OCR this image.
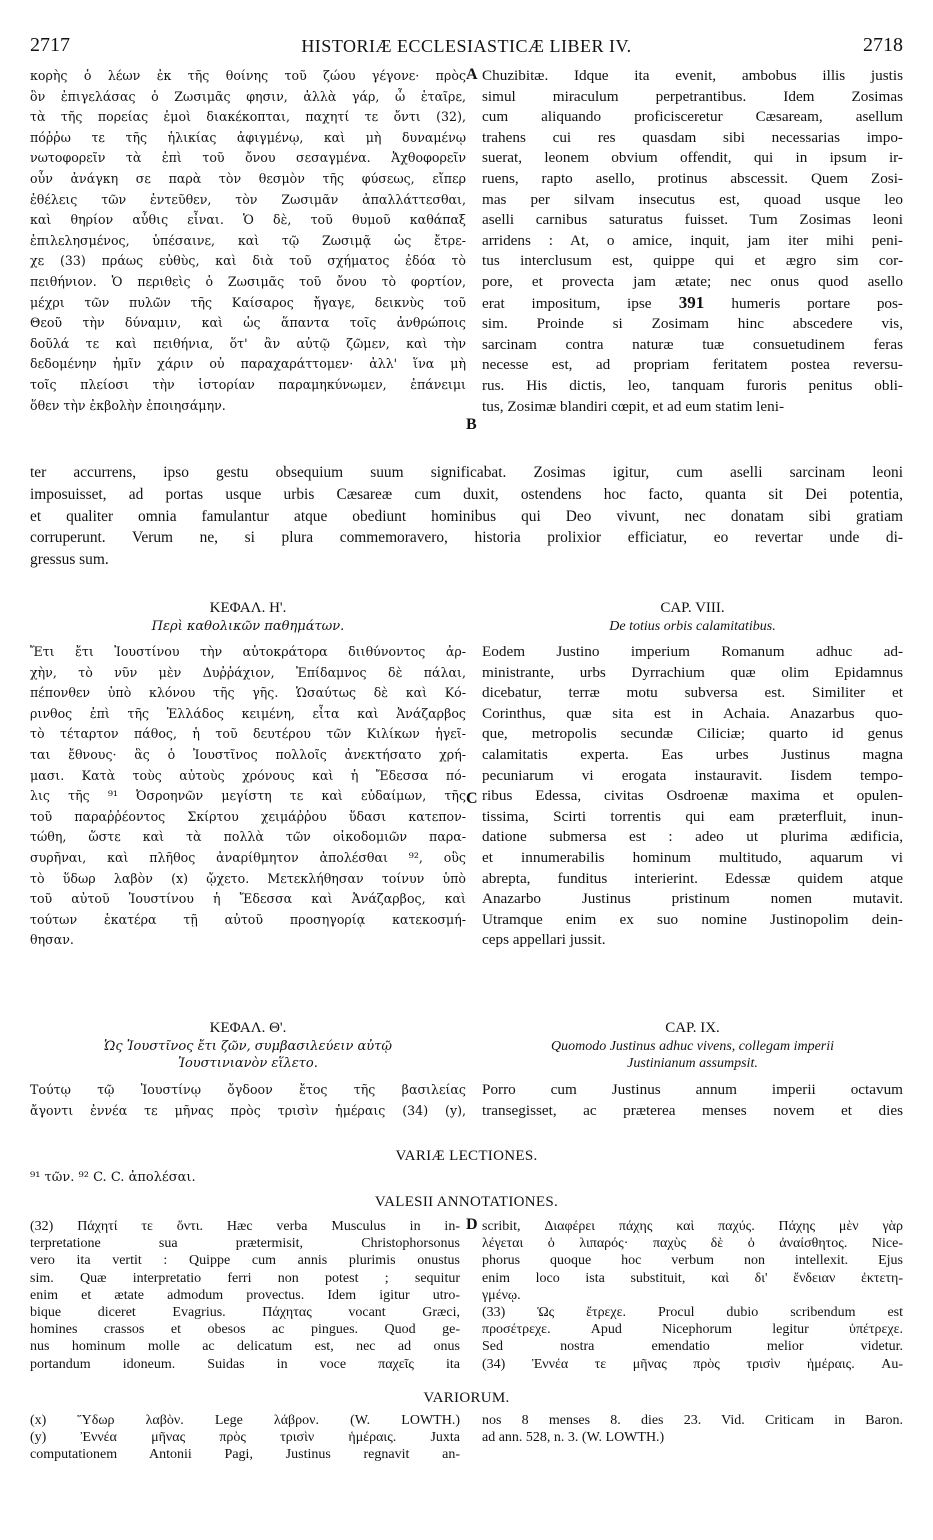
2717	HISTORIÆ ECCLESIASTICÆ LIBER IV.	2718
κορὴς ὁ λέων ἐκ τῆς θοίνης τοῦ ζώου γέγονε· πρὸς
ὃν ἐπιγελάσας ὁ Ζωσιμᾶς φησιν, ἀλλὰ γάρ, ὦ ἑταῖρε,
τὰ τῆς πορείας ἐμοὶ διακέκοπται, παχητί τε ὄντι (32),
πόῤῥω τε τῆς ἡλικίας ἀφιγμένῳ, καὶ μὴ δυναμένῳ
νωτοφορεῖν τὰ ἐπὶ τοῦ ὄνου σεσαγμένα. Ἀχθοφορεῖν
οὖν ἀνάγκη σε παρὰ τὸν θεσμὸν τῆς φύσεως, εἴπερ
ἐθέλεις τῶν ἐντεῦθεν, τὸν Ζωσιμᾶν ἀπαλλάττεσθαι,
καὶ θηρίον αὖθις εἶναι. Ὁ δὲ, τοῦ θυμοῦ καθάπαξ
ἐπιλελησμένος, ὑπέσαινε, καὶ τῷ Ζωσιμᾷ ὡς ἔτρε-
χε (33) πράως εὐθὺς, καὶ διὰ τοῦ σχήματος ἐδόα τὸ
πειθήνιον. Ὁ περιθεὶς ὁ Ζωσιμᾶς τοῦ ὄνου τὸ φορτίον,
μέχρι τῶν πυλῶν τῆς Καίσαρος ἤγαγε, δεικνὺς τοῦ
Θεοῦ τὴν δύναμιν, καὶ ὡς ἅπαντα τοῖς ἀνθρώποις
δοῦλά τε καὶ πειθήνια, ὅτ' ἂν αὐτῷ ζῶμεν, καὶ τὴν
δεδομένην ἡμῖν χάριν οὐ παραχαράττομεν· ἀλλ' ἵνα μὴ
τοῖς πλείοσι τὴν ἱστορίαν παραμηκύνωμεν, ἐπάνειμι
ὅθεν τὴν ἐκβολὴν ἐποιησάμην.
A
B
Chuzibitæ. Idque ita evenit, ambobus illis justis
simul miraculum perpetrantibus. Idem Zosimas
cum aliquando proficisceretur Cæsaream, asellum
trahens cui res quasdam sibi necessarias impo-
suerat, leonem obvium offendit, qui in ipsum ir-
ruens, rapto asello, protinus abscessit. Quem Zosi-
mas per silvam insecutus est, quoad usque leo
aselli carnibus saturatus fuisset. Tum Zosimas leoni
arridens : At, o amice, inquit, jam iter mihi peni-
tus interclusum est, quippe qui et ægro sim cor-
pore, et provecta jam ætate; nec onus quod asello
erat impositum, ipse 391 humeris portare pos-
sim. Proinde si Zosimam hinc abscedere vis,
sarcinam contra naturæ tuæ consuetudinem feras
necesse est, ad propriam feritatem postea reversu-
rus. His dictis, leo, tanquam furoris penitus obli-
tus, Zosimæ blandiri cœpit, et ad eum statim leni-
ter accurrens, ipso gestu obsequium suum significabat. Zosimas igitur, cum aselli sarcinam leoni
imposuisset, ad portas usque urbis Cæsareæ cum duxit, ostendens hoc facto, quanta sit Dei potentia,
et qualiter omnia famulantur atque obediunt hominibus qui Deo vivunt, nec donatam sibi gratiam
corruperunt. Verum ne, si plura commemoravero, historia prolixior efficiatur, eo revertar unde di-
gressus sum.
ΚΕΦΑΛ. Η'.
Περὶ καθολικῶν παθημάτων.
Ἔτι ἔτι Ἰουστίνου τὴν αὐτοκράτορα διιθύνοντος ἀρ-
χὴν, τὸ νῦν μὲν Δυῤῥάχιον, Ἐπίδαμνος δὲ πάλαι,
πέπονθεν ὑπὸ κλόνου τῆς γῆς. Ὡσαύτως δὲ καὶ Κό-
ρινθος ἐπὶ τῆς Ἑλλάδος κειμένη, εἶτα καὶ Ἀνάζαρβος
τὸ τέταρτον πάθος, ἡ τοῦ δευτέρου τῶν Κιλίκων ἡγεῖ-
ται ἔθνους· ἃς ὁ Ἰουστῖνος πολλοῖς ἀνεκτήσατο χρή-
μασι. Κατὰ τοὺς αὐτοὺς χρόνους καὶ ἡ Ἔδεσσα πό-
λις τῆς ⁹¹ Ὀσροηνῶν μεγίστη τε καὶ εὐδαίμων, τῆς
τοῦ παραῤῥέοντος Σκίρτου χειμάῤῥου ὕδασι κατεπον-
τώθη, ὥστε καὶ τὰ πολλὰ τῶν οἰκοδομιῶν παρα-
συρῆναι, καὶ πλῆθος ἀναρίθμητον ἀπολέσθαι ⁹², οὓς
τὸ ὕδωρ λαβὸν (x) ᾤχετο. Μετεκλήθησαν τοίνυν ὑπὸ
τοῦ αὐτοῦ Ἰουστίνου ἡ Ἔδεσσα καὶ Ἀνάζαρβος, καὶ
τούτων ἑκατέρα τῇ αὐτοῦ προσηγορίᾳ κατεκοσμή-
θησαν.
C
CAP. VIII.
De totius orbis calamitatibus.
Eodem Justino imperium Romanum adhuc ad-
ministrante, urbs Dyrrachium quæ olim Epidamnus
dicebatur, terræ motu subversa est. Similiter et
Corinthus, quæ sita est in Achaia. Anazarbus quo-
que, metropolis secundæ Ciliciæ; quarto id genus
calamitatis experta. Eas urbes Justinus magna
pecuniarum vi erogata instauravit. Iisdem tempo-
ribus Edessa, civitas Osdroenæ maxima et opulen-
tissima, Scirti torrentis qui eam præterfluit, inun-
datione submersa est : adeo ut plurima ædificia,
et innumerabilis hominum multitudo, aquarum vi
abrepta, funditus interierint. Edessæ quidem atque
Anazarbo Justinus pristinum nomen mutavit.
Utramque enim ex suo nomine Justinopolim dein-
ceps appellari jussit.
ΚΕΦΑΛ. Θ'.
Ὡς Ἰουστῖνος ἔτι ζῶν, συμβασιλεύειν αὐτῷ
Ἰουστινιανὸν εἵλετο.
Τούτῳ τῷ Ἰουστίνῳ ὄγδοον ἔτος τῆς βασιλείας
ἄγοντι ἐννέα τε μῆνας πρὸς τρισὶν ἡμέραις (34) (y),
CAP. IX.
Quomodo Justinus adhuc vivens, collegam imperii
Justinianum assumpsit.
Porro cum Justinus annum imperii octavum
transegisset, ac præterea menses novem et dies
VARIÆ LECTIONES.
⁹¹ τῶν. ⁹² C. C. ἀπολέσαι.
VALESII ANNOTATIONES.
(32) Πάχητί τε ὄντι. Hæc verba Musculus in in-
terpretatione sua prætermisit, Christophorsonus
vero ita vertit : Quippe cum annis plurimis onustus
sim. Quæ interpretatio ferri non potest ; sequitur
enim et ætate admodum provectus. Idem igitur utro-
bique diceret Evagrius. Πάχητας vocant Græci,
homines crassos et obesos ac pingues. Quod ge-
nus hominum molle ac delicatum est, nec ad onus
portandum idoneum. Suidas in voce παχεῖς ita
D scribit, Διαφέρει πάχης καὶ παχύς. Πάχης μὲν γὰρ
λέγεται ὁ λιπαρός· παχὺς δὲ ὁ ἀναίσθητος. Nice-
phorus quoque hoc verbum non intellexit. Ejus
enim loco ista substituit, καὶ δι' ἔνδειαν ἐκτετη-
γμένῳ.
(33) Ὡς ἔτρεχε. Procul dubio scribendum est
προσέτρεχε. Apud Nicephorum legitur ὑπέτρεχε.
Sed nostra emendatio melior videtur.
(34) Ἐννέα τε μῆνας πρὸς τρισὶν ἡμέραις. Au-
VARIORUM.
(x) Ὕδωρ λαβὸν. Lege λάβρον. (W. LOWTH.)
(y) Ἐννέα μῆνας πρὸς τρισὶν ἡμέραις. Juxta
computationem Antonii Pagi, Justinus regnavit an-
nos 8 menses 8. dies 23. Vid. Criticam in Baron.
ad ann. 528, n. 3. (W. LOWTH.)
